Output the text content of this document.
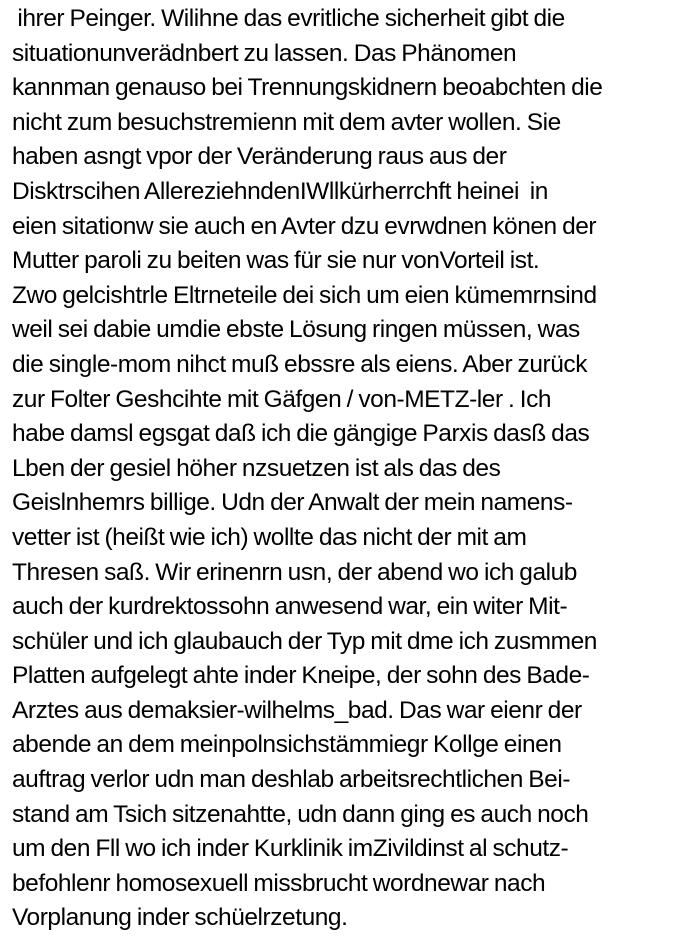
ihrer Peinger. Wilihne das evritliche sicherheit gibt die
situationunverädnbert zu lassen. Das Phänomen
kannman genauso bei Trennungskidnern beoabchten die
nicht zum besuchstremienn mit dem avter wollen. Sie
haben asngt vpor der Veränderung raus aus der
Disktrscihen AllereziehndenIWllkürherrchft heinei  in
eien sitationw sie auch en Avter dzu evrwdnen könen der
Mutter paroli zu beiten was für sie nur vonVorteil ist.
Zwo gelcishtrle Eltrneteile dei sich um eien kümemrnsind
weil sei dabie umdie ebste Lösung ringen müssen, was
die single-mom nihct muß ebssre als eiens. Aber zurück
zur Folter Geshcihte mit Gäfgen / von-METZ-ler . Ich
habe damsl egsgat daß ich die gängige Parxis dasß das
Lben der gesiel höher nzsuetzen ist als das des
Geislnhemrs billige. Udn der Anwalt der mein namens-
vetter ist (heißt wie ich) wollte das nicht der mit am
Thresen saß. Wir erinenrn usn, der abend wo ich galub
auch der kurdrektossohn anwesend war, ein witer Mit-
schüler und ich glaubauch der Typ mit dme ich zusmmen
Platten aufgelegt ahte inder Kneipe, der sohn des Bade-
Arztes aus demaksier-wilhelms_bad. Das war eienr der
abende an dem meinpolnsichstämmiegr Kollge einen
auftrag verlor udn man deshlab arbeitsrechtlichen Bei-
stand am Tsich sitzenahtte, udn dann ging es auch noch
um den Fll wo ich inder Kurklinik imZivildinst al schutz-
befohlenr homosexuell missbrucht wordnewar nach
Vorplanung inder schüelrzetung.
